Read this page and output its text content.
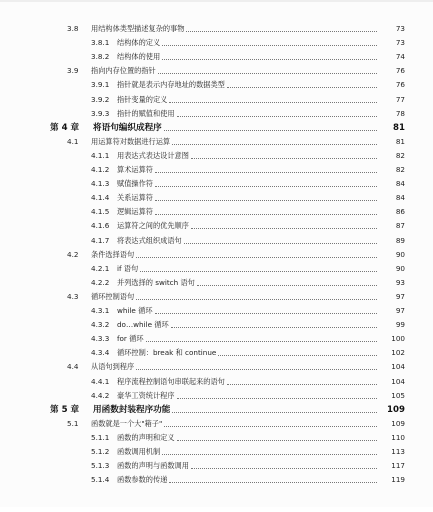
3.8 用结构体类型描述复杂的事物	73
3.8.1 结构体的定义	73
3.8.2 结构体的使用	74
3.9 指向内存位置的指针	76
3.9.1 指针就是表示内存地址的数据类型	76
3.9.2 指针变量的定义	77
3.9.3 指针的赋值和使用	78
第 4 章 将语句编织成程序	81
4.1 用运算符对数据进行运算	81
4.1.1 用表达式表达设计意图	82
4.1.2 算术运算符	82
4.1.3 赋值操作符	84
4.1.4 关系运算符	84
4.1.5 逻辑运算符	86
4.1.6 运算符之间的优先顺序	87
4.1.7 将表达式组织成语句	89
4.2 条件选择语句	90
4.2.1 if 语句	90
4.2.2 并列选择的 switch 语句	93
4.3 循环控制语句	97
4.3.1 while 循环	97
4.3.2 do…while 循环	99
4.3.3 for 循环	100
4.3.4 循环控制：break 和 continue	102
4.4 从语句到程序	104
4.4.1 程序流程控制语句串联起来的语句	104
4.4.2 豪华工资统计程序	105
第 5 章 用函数封装程序功能	109
5.1 函数就是一个大"箱子"	109
5.1.1 函数的声明和定义	110
5.1.2 函数调用机制	113
5.1.3 函数的声明与函数调用	117
5.1.4 函数参数的传递	119
